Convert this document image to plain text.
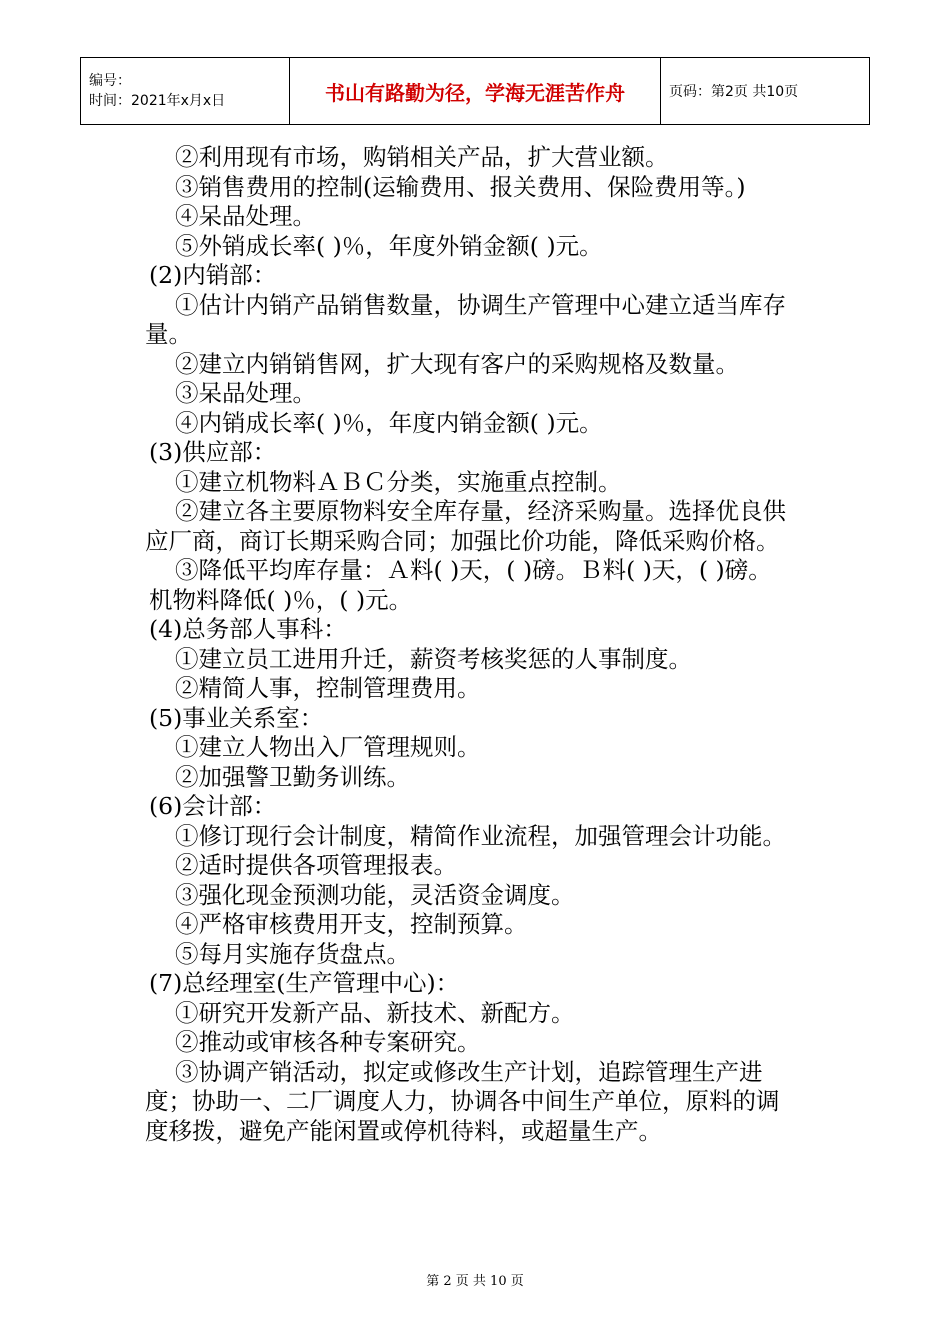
编号：
时间：2021年x月x日	书山有路勤为径，学海无涯苦作舟	页码：第2页 共10页
②利用现有市场，购销相关产品，扩大营业额。
③销售费用的控制(运输费用、报关费用、保险费用等。)
④呆品处理。
⑤外销成长率( )％，年度外销金额( )元。
(2)内销部：
①估计内销产品销售数量，协调生产管理中心建立适当库存量。
②建立内销销售网，扩大现有客户的采购规格及数量。
③呆品处理。
④内销成长率( )％，年度内销金额( )元。
(3)供应部：
①建立机物料ＡＢＣ分类，实施重点控制。
②建立各主要原物料安全库存量，经济采购量。选择优良供应厂商，商订长期采购合同；加强比价功能，降低采购价格。
③降低平均库存量：Ａ料( )天，( )磅。Ｂ料( )天，( )磅。
机物料降低( )％，( )元。
(4)总务部人事科：
①建立员工进用升迁，薪资考核奖惩的人事制度。
②精简人事，控制管理费用。
(5)事业关系室：
①建立人物出入厂管理规则。
②加强警卫勤务训练。
(6)会计部：
①修订现行会计制度，精简作业流程，加强管理会计功能。
②适时提供各项管理报表。
③强化现金预测功能，灵活资金调度。
④严格审核费用开支，控制预算。
⑤每月实施存货盘点。
(7)总经理室(生产管理中心)：
①研究开发新产品、新技术、新配方。
②推动或审核各种专案研究。
③协调产销活动，拟定或修改生产计划，追踪管理生产进度；协助一、二厂调度人力，协调各中间生产单位，原料的调度移拨，避免产能闲置或停机待料，或超量生产。
第 2 页 共 10 页
